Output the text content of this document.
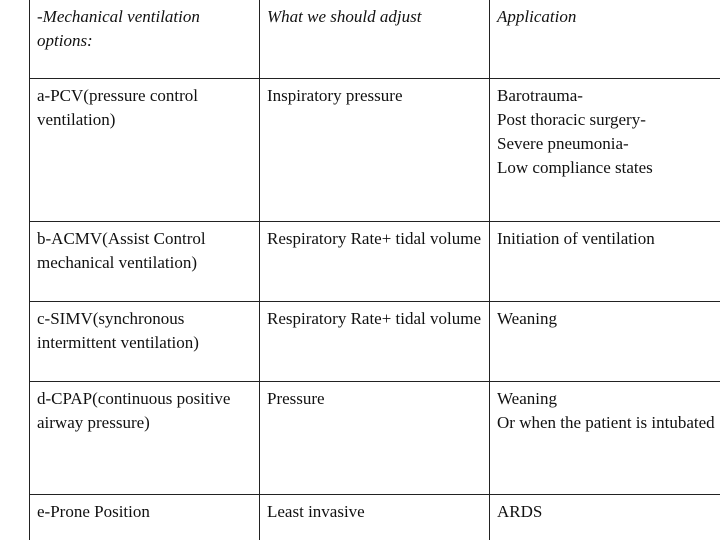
-Mechanical ventilation options:	What we should adjust	Application

a-PCV(pressure control ventilation)	Inspiratory pressure	Barotrauma-
Post thoracic surgery-
Severe pneumonia-
Low compliance states

b-ACMV(Assist Control mechanical ventilation)	Respiratory Rate+ tidal volume	Initiation of ventilation

c-SIMV(synchronous intermittent ventilation)	Respiratory Rate+ tidal volume	Weaning

d-CPAP(continuous positive airway pressure)	Pressure	Weaning
Or when the patient is intubated

e-Prone Position	Least invasive	ARDS
